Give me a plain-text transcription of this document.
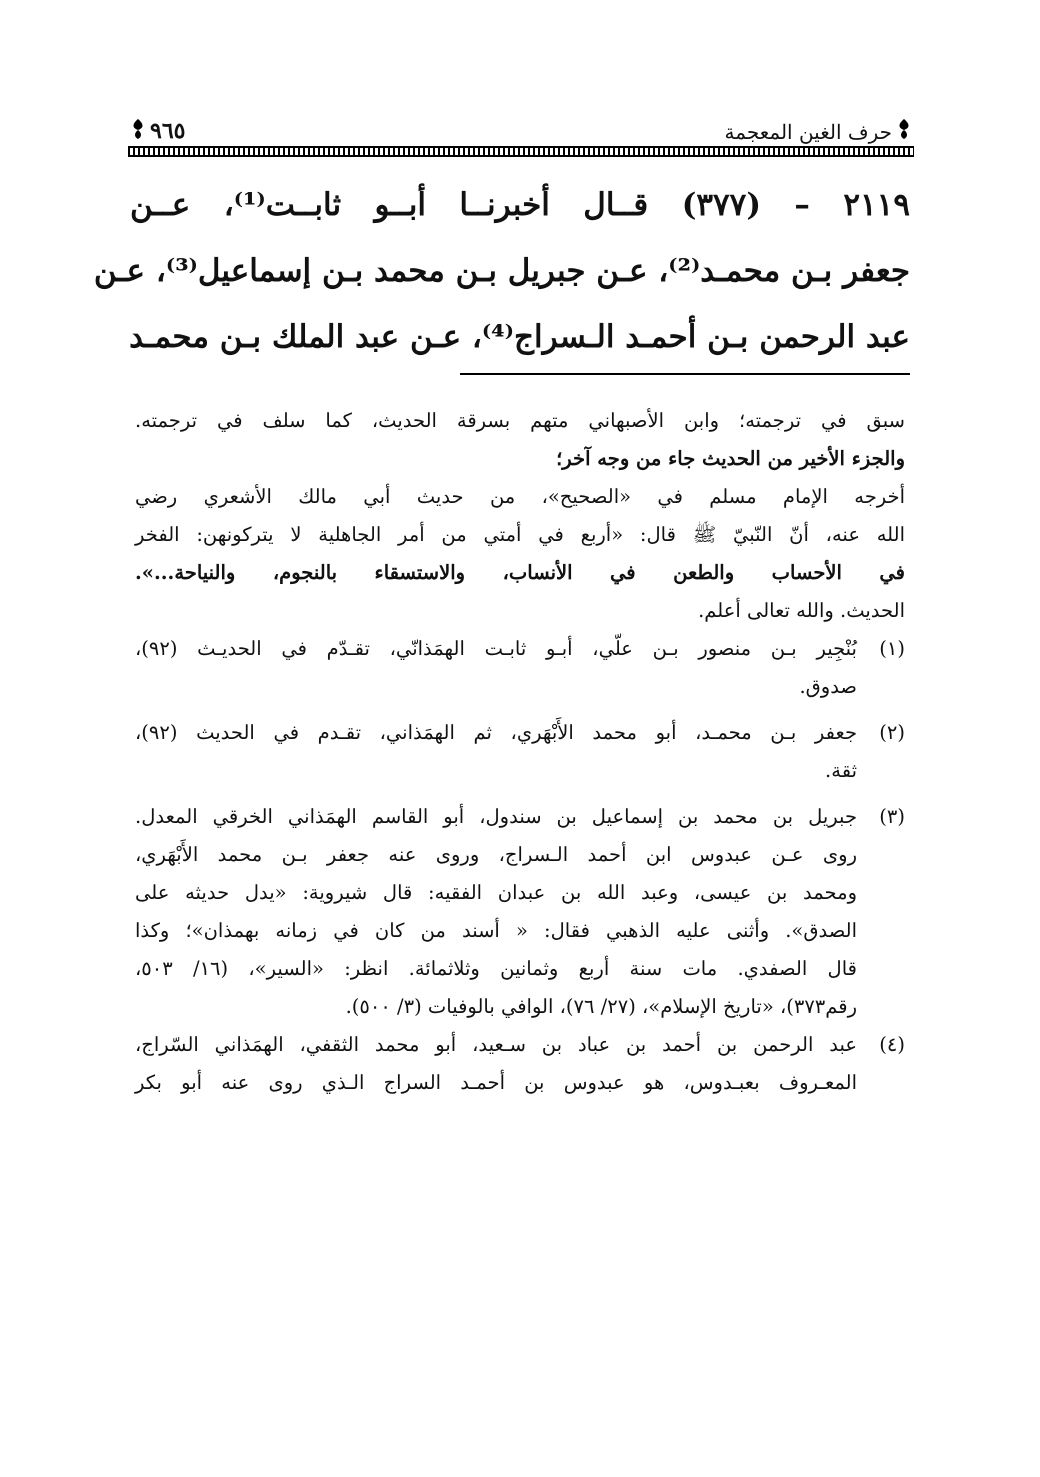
٩٦٥	حرف الغين المعجمة
٢١١٩ – (٣٧٧) قــال أخبرنــا أبــو ثابــت⁽¹⁾، عــن
جعفر بـن محمـد⁽²⁾، عـن جبريل بـن محمد بـن إسماعيل⁽³⁾، عـن
عبد الرحمن بـن أحمـد الـسراج⁽⁴⁾، عـن عبد الملك بـن محمـد
سبق في ترجمته؛ وابن الأصبهاني متهم بسرقة الحديث، كما سلف في ترجمته.
والجزء الأخير من الحديث جاء من وجه آخر؛
أخرجه الإمام مسلم في «الصحيح»، من حديث أبي مالك الأشعري رضي
الله عنه، أنّ النّبيّ ﷺ قال: «أربع في أمتي من أمر الجاهلية لا يتركونهن: الفخر
في الأحساب والطعن في الأنساب، والاستسقاء بالنجوم، والنياحة...».
الحديث. والله تعالى أعلم.
(١)
بُنْجِير بـن منصور بـن علّي، أبـو ثابـت الهمَذانّي، تقـدّم في الحديـث (٩٢)،
صدوق.
(٢)
جعفر بـن محمـد، أبو محمد الأَبْهَري، ثم الهمَذاني، تقـدم في الحديث (٩٢)،
ثقة.
(٣)
جبريل بن محمد بن إسماعيل بن سندول، أبو القاسم الهمَذاني الخرقي المعدل.
روى عـن عبدوس ابن أحمد الـسراج، وروى عنه جعفر بـن محمد الأَبْهَري،
ومحمد بن عيسى، وعبد الله بن عبدان الفقيه: قال شيروية: «يدل حديثه على
الصدق». وأثنى عليه الذهبي فقال: « أسند من كان في زمانه بهمذان»؛ وكذا
قال الصفدي. مات سنة أربع وثمانين وثلاثمائة. انظر: «السير»، (١٦/ ٥٠٣،
رقم٣٧٣)، «تاريخ الإسلام»، (٢٧/ ٧٦)، الوافي بالوفيات (٣/ ٥٠٠).
(٤)
عبد الرحمن بن أحمد بن عباد بن سـعيد، أبو محمد الثقفي، الهمَذاني السّراج،
المعـروف بعبـدوس، هو عبدوس بن أحمـد السراج الـذي روى عنه أبو بكر
